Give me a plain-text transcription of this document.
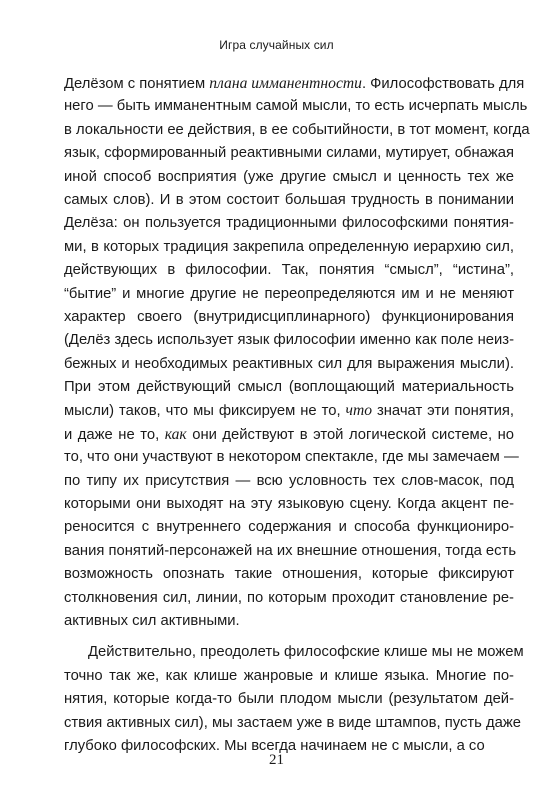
Игра случайных сил
Делёзом с понятием плана имманентности. Философствовать для
него — быть имманентным самой мысли, то есть исчерпать мысль
в локальности ее действия, в ее событийности, в тот момент, когда
язык, сформированный реактивными силами, мутирует, обнажая
иной способ восприятия (уже другие смысл и ценность тех же
самых слов). И в этом состоит большая трудность в понимании
Делёза: он пользуется традиционными философскими понятия-
ми, в которых традиция закрепила определенную иерархию сил,
действующих в философии. Так, понятия “смысл”, “истина”,
“бытие” и многие другие не переопределяются им и не меняют
характер своего (внутридисциплинарного) функционирования
(Делёз здесь использует язык философии именно как поле неиз-
бежных и необходимых реактивных сил для выражения мысли).
При этом действующий смысл (воплощающий материальность
мысли) таков, что мы фиксируем не то, что значат эти понятия,
и даже не то, как они действуют в этой логической системе, но
то, что они участвуют в некотором спектакле, где мы замечаем —
по типу их присутствия — всю условность тех слов-масок, под
которыми они выходят на эту языковую сцену. Когда акцент пе-
реносится с внутреннего содержания и способа функциониро-
вания понятий-персонажей на их внешние отношения, тогда есть
возможность опознать такие отношения, которые фиксируют
столкновения сил, линии, по которым проходит становление ре-
активных сил активными.
Действительно, преодолеть философские клише мы не можем
точно так же, как клише жанровые и клише языка. Многие по-
нятия, которые когда-то были плодом мысли (результатом дей-
ствия активных сил), мы застаем уже в виде штампов, пусть даже
глубоко философских. Мы всегда начинаем не с мысли, а со
21
